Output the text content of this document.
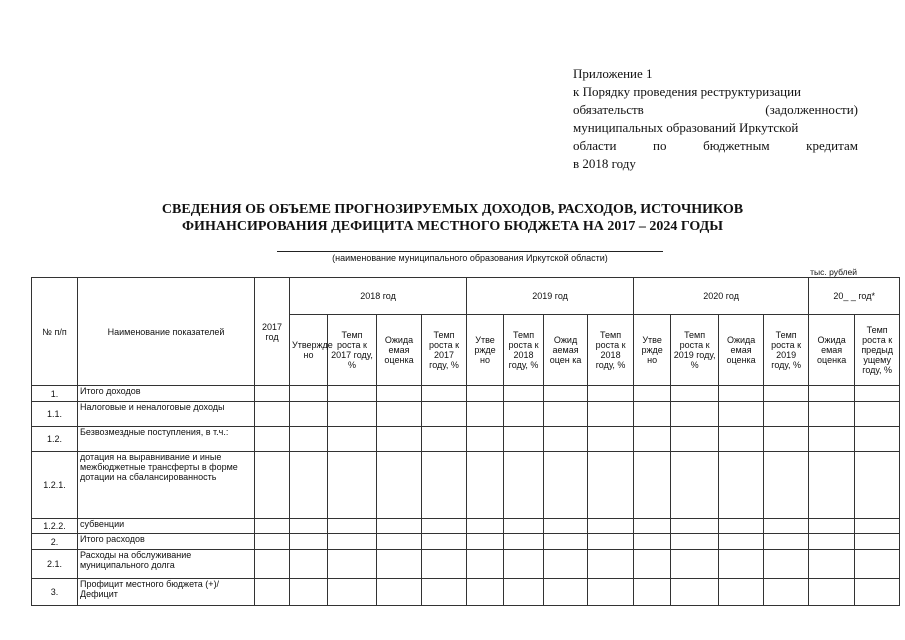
Приложение 1
к Порядку проведения реструктуризации
обязательств	(задолженности)
муниципальных образований Иркутской
области	по	бюджетным	кредитам
в 2018 году
СВЕДЕНИЯ ОБ ОБЪЕМЕ ПРОГНОЗИРУЕМЫХ ДОХОДОВ, РАСХОДОВ, ИСТОЧНИКОВ
ФИНАНСИРОВАНИЯ ДЕФИЦИТА МЕСТНОГО БЮДЖЕТА НА 2017 – 2024 ГОДЫ
(наименование муниципального образования Иркутской области)
тыс. рублей
№ п/п	Наименование показателей	2017 год	2018 год				2019 год				2020 год				20_ _ год*	
			Утвержде но	Темп роста к 2017 году, %	Ожида емая оценка	Темп роста к 2017 году, %	Утве ржде но	Темп роста к 2018 году, %	Ожид аемая оцен ка	Темп роста к 2018 году, %	Утве ржде но	Темп роста к 2019 году, %	Ожида емая оценка	Темп роста к 2019 году, %	Ожида емая оценка	Темп роста к предыд ущему году, %
1.	Итого доходов															
1.1.	Налоговые и неналоговые доходы															
1.2.	Безвозмездные поступления, в т.ч.:															
1.2.1.	дотация на выравнивание и иные межбюджетные трансферты в форме дотации на сбалансированность															
1.2.2.	субвенции															
2.	Итого расходов															
2.1.	Расходы на обслуживание муниципального долга															
3.	Профицит местного бюджета (+)/Дефицит															
